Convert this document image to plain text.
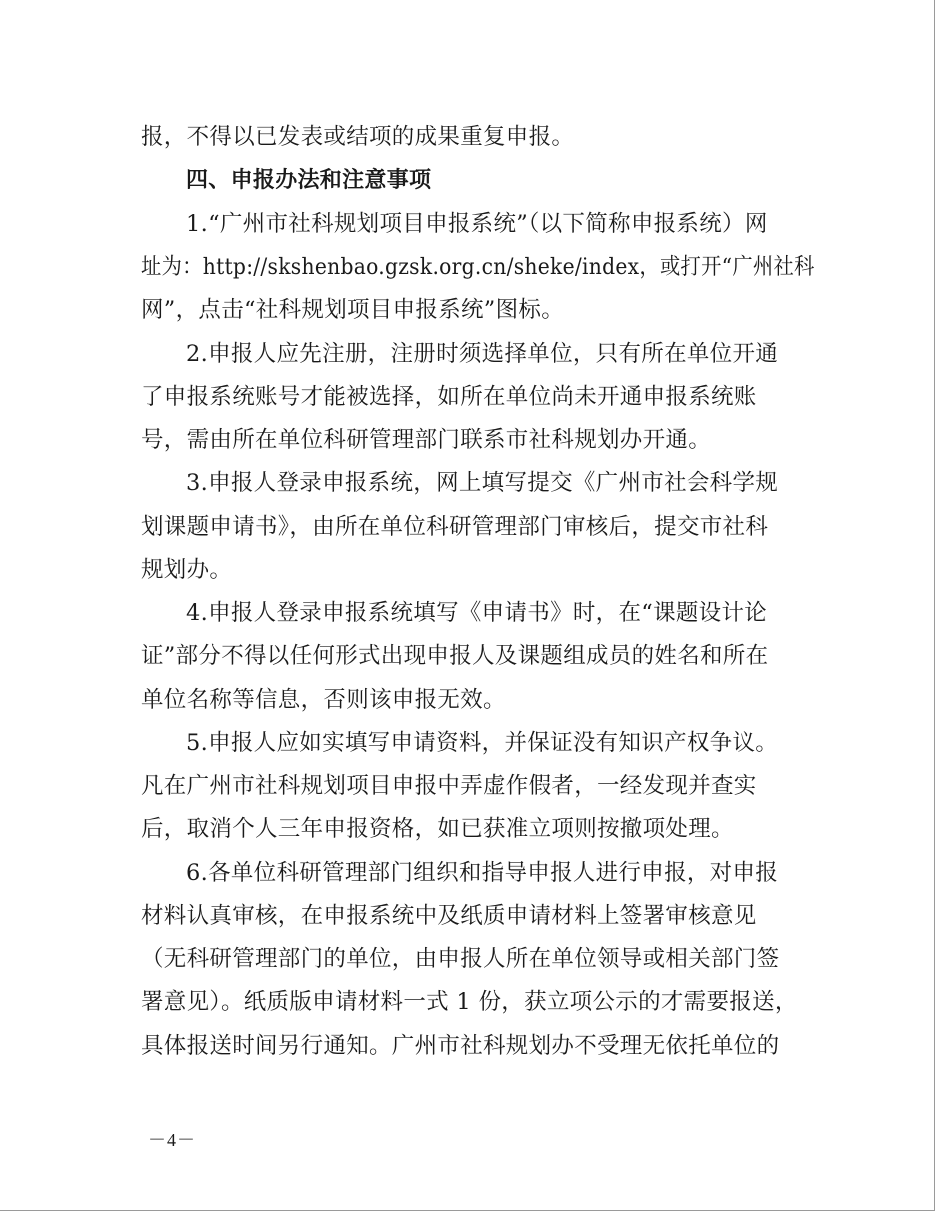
报，不得以已发表或结项的成果重复申报。
四、申报办法和注意事项
1.“广州市社科规划项目申报系统”（以下简称申报系统）网
址为：http://skshenbao.gzsk.org.cn/sheke/index，或打开“广州社科
网”，点击“社科规划项目申报系统”图标。
2.申报人应先注册，注册时须选择单位，只有所在单位开通
了申报系统账号才能被选择，如所在单位尚未开通申报系统账
号，需由所在单位科研管理部门联系市社科规划办开通。
3.申报人登录申报系统，网上填写提交《广州市社会科学规
划课题申请书》，由所在单位科研管理部门审核后，提交市社科
规划办。
4.申报人登录申报系统填写《申请书》时，在“课题设计论
证”部分不得以任何形式出现申报人及课题组成员的姓名和所在
单位名称等信息，否则该申报无效。
5.申报人应如实填写申请资料，并保证没有知识产权争议。
凡在广州市社科规划项目申报中弄虚作假者，一经发现并查实
后，取消个人三年申报资格，如已获准立项则按撤项处理。
6.各单位科研管理部门组织和指导申报人进行申报，对申报
材料认真审核，在申报系统中及纸质申请材料上签署审核意见
（无科研管理部门的单位，由申报人所在单位领导或相关部门签
署意见）。纸质版申请材料一式 1 份，获立项公示的才需要报送，
具体报送时间另行通知。广州市社科规划办不受理无依托单位的
－4－
